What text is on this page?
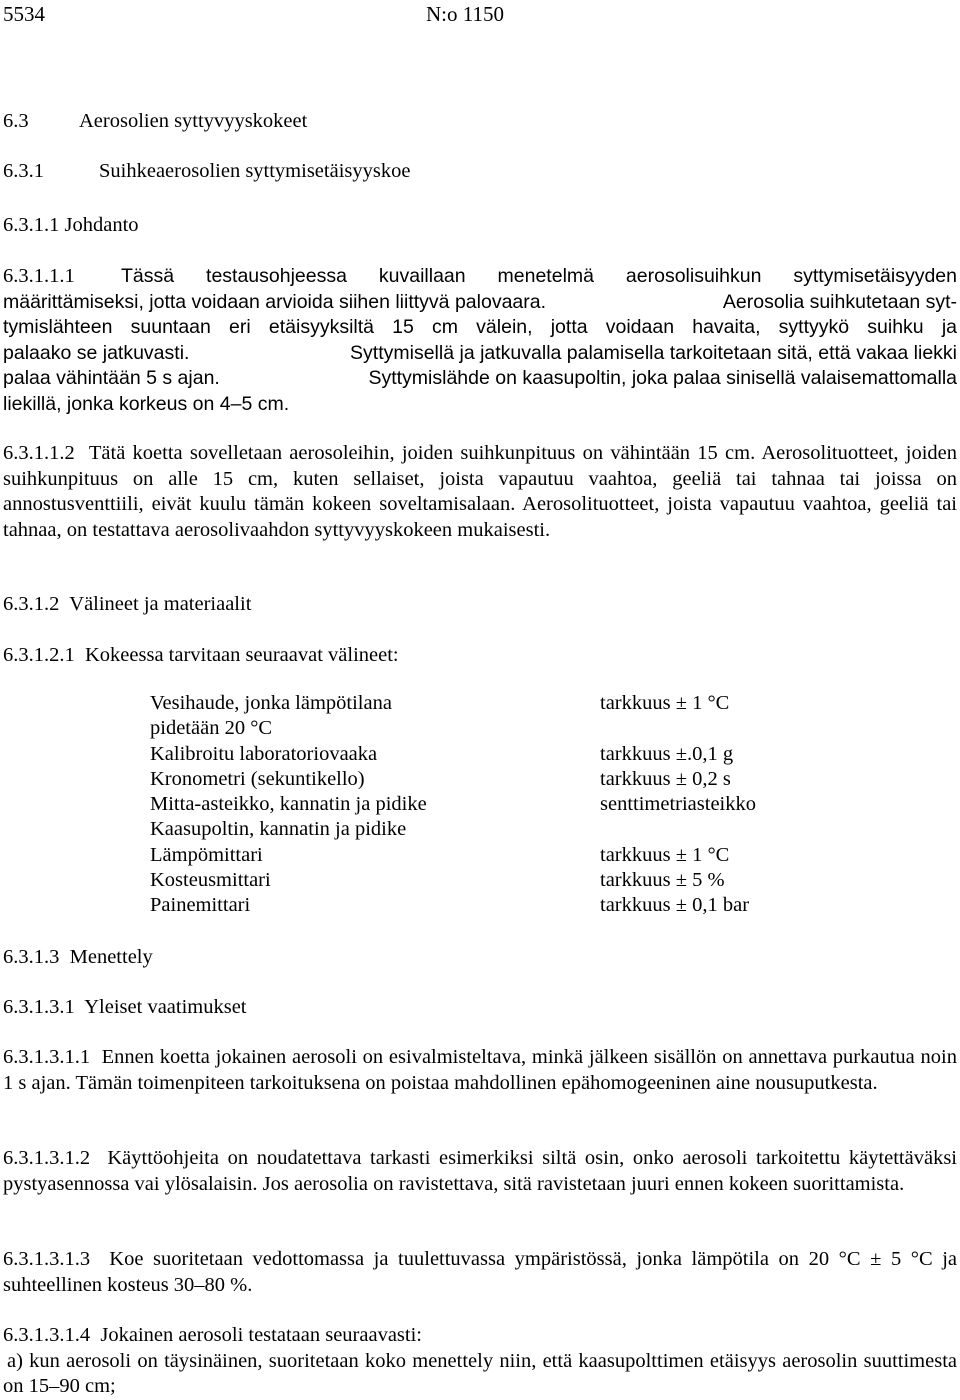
5534	N:o 1150
6.3 Aerosolien syttyvyyskokeet
6.3.1	Suihkeaerosolien syttymisetäisyyskoe
6.3.1.1 Johdanto

6.3.1.1.1	Tässä testausohjeessa kuvaillaan menetelmä aerosolisuihkun syttymisetäisyyden

määrittämiseksi, jotta voidaan arvioida siihen liittyvä palovaara.	Aerosolia suihkutetaan syt-

tymislähteen suuntaan eri etäisyyksiltä 15 cm välein, jotta voidaan havaita, syttyykö suihku ja

palaako se jatkuvasti.	Syttymisellä ja jatkuvalla palamisella tarkoitetaan sitä, että vakaa liekki

palaa vähintään 5 s ajan.	Syttymislähde on kaasupoltin, joka palaa sinisellä valaisemattomalla

liekillä, jonka korkeus on 4–5 cm.

6.3.1.1.2 Tätä koetta sovelletaan aerosoleihin, joiden suihkunpituus on vähintään 15 cm. Aerosolituotteet, joiden suihkunpituus on alle 15 cm, kuten sellaiset, joista vapautuu vaahtoa, geeliä tai tahnaa tai joissa on annostusventtiili, eivät kuulu tämän kokeen soveltamisalaan. Aerosolituotteet, joista vapautuu vaahtoa, geeliä tai tahnaa, on testattava aerosolivaahdon syttyvyyskokeen mukaisesti.

6.3.1.2 Välineet ja materiaalit
6.3.1.2.1 Kokeessa tarvitaan seuraavat välineet:
Vesihaude, jonka lämpötilana	tarkkuus ± 1 °C
pidetään 20 °C	
Kalibroitu laboratoriovaaka	tarkkuus ±.0,1 g
Kronometri (sekuntikello)	tarkkuus ± 0,2 s
Mitta-asteikko, kannatin ja pidike	senttimetriasteikko
Kaasupoltin, kannatin ja pidike	
Lämpömittari	tarkkuus ± 1 °C
Kosteusmittari	tarkkuus ± 5 %
Painemittari	tarkkuus ± 0,1 bar
6.3.1.3 Menettely
6.3.1.3.1 Yleiset vaatimukset

6.3.1.3.1.1 Ennen koetta jokainen aerosoli on esivalmisteltava, minkä jälkeen sisällön on annettava purkautua noin 1 s ajan. Tämän toimenpiteen tarkoituksena on poistaa mahdollinen epähomogeeninen aine nousuputkesta.

6.3.1.3.1.2 Käyttöohjeita on noudatettava tarkasti esimerkiksi siltä osin, onko aerosoli tarkoitettu käytettäväksi pystyasennossa vai ylösalaisin. Jos aerosolia on ravistettava, sitä ravistetaan juuri ennen kokeen suorittamista.

6.3.1.3.1.3 Koe suoritetaan vedottomassa ja tuulettuvassa ympäristössä, jonka lämpötila on 20 °C ± 5 °C ja suhteellinen kosteus 30–80 %.

6.3.1.3.1.4 Jokainen aerosoli testataan seuraavasti:

a) kun aerosoli on täysinäinen, suoritetaan koko menettely niin, että kaasupolttimen etäisyys aerosolin suuttimesta on 15–90 cm;
